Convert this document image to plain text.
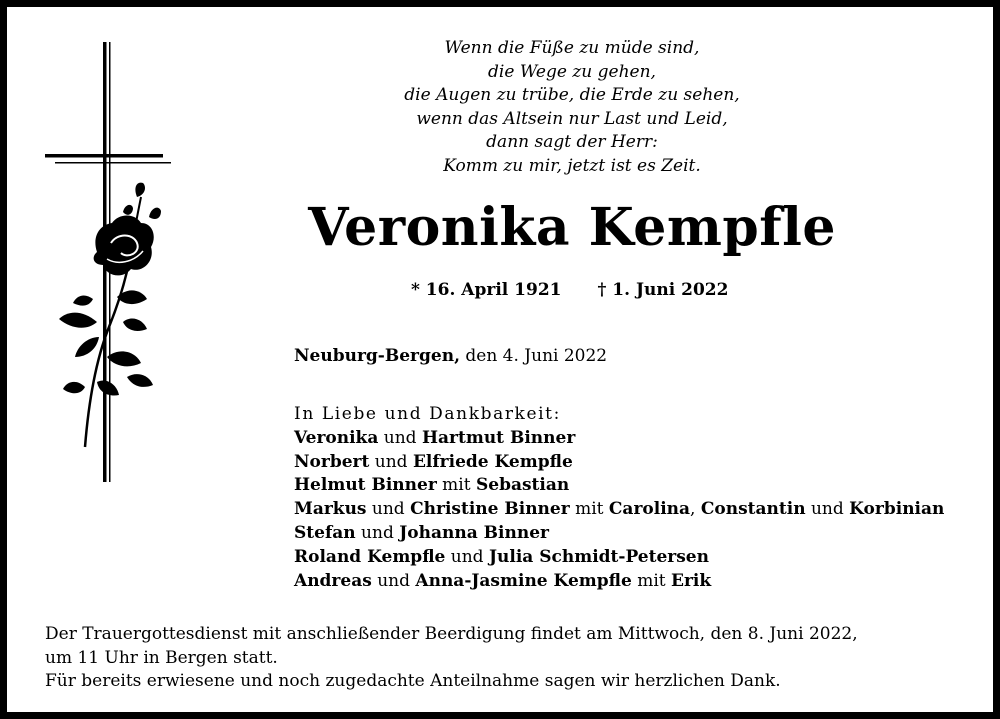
Wenn die Füße zu müde sind,
die Wege zu gehen,
die Augen zu trübe, die Erde zu sehen,
wenn das Altsein nur Last und Leid,
dann sagt der Herr:
Komm zu mir, jetzt ist es Zeit.
Veronika Kempfle
* 16. April 1921 † 1. Juni 2022
Neuburg-Bergen, den 4. Juni 2022
In Liebe und Dankbarkeit:
Veronika und Hartmut Binner
Norbert und Elfriede Kempfle
Helmut Binner mit Sebastian
Markus und Christine Binner mit Carolina, Constantin und Korbinian
Stefan und Johanna Binner
Roland Kempfle und Julia Schmidt-Petersen
Andreas und Anna-Jasmine Kempfle mit Erik
Der Trauergottesdienst mit anschließender Beerdigung findet am Mittwoch, den 8. Juni 2022,
um 11 Uhr in Bergen statt.
Für bereits erwiesene und noch zugedachte Anteilnahme sagen wir herzlichen Dank.
